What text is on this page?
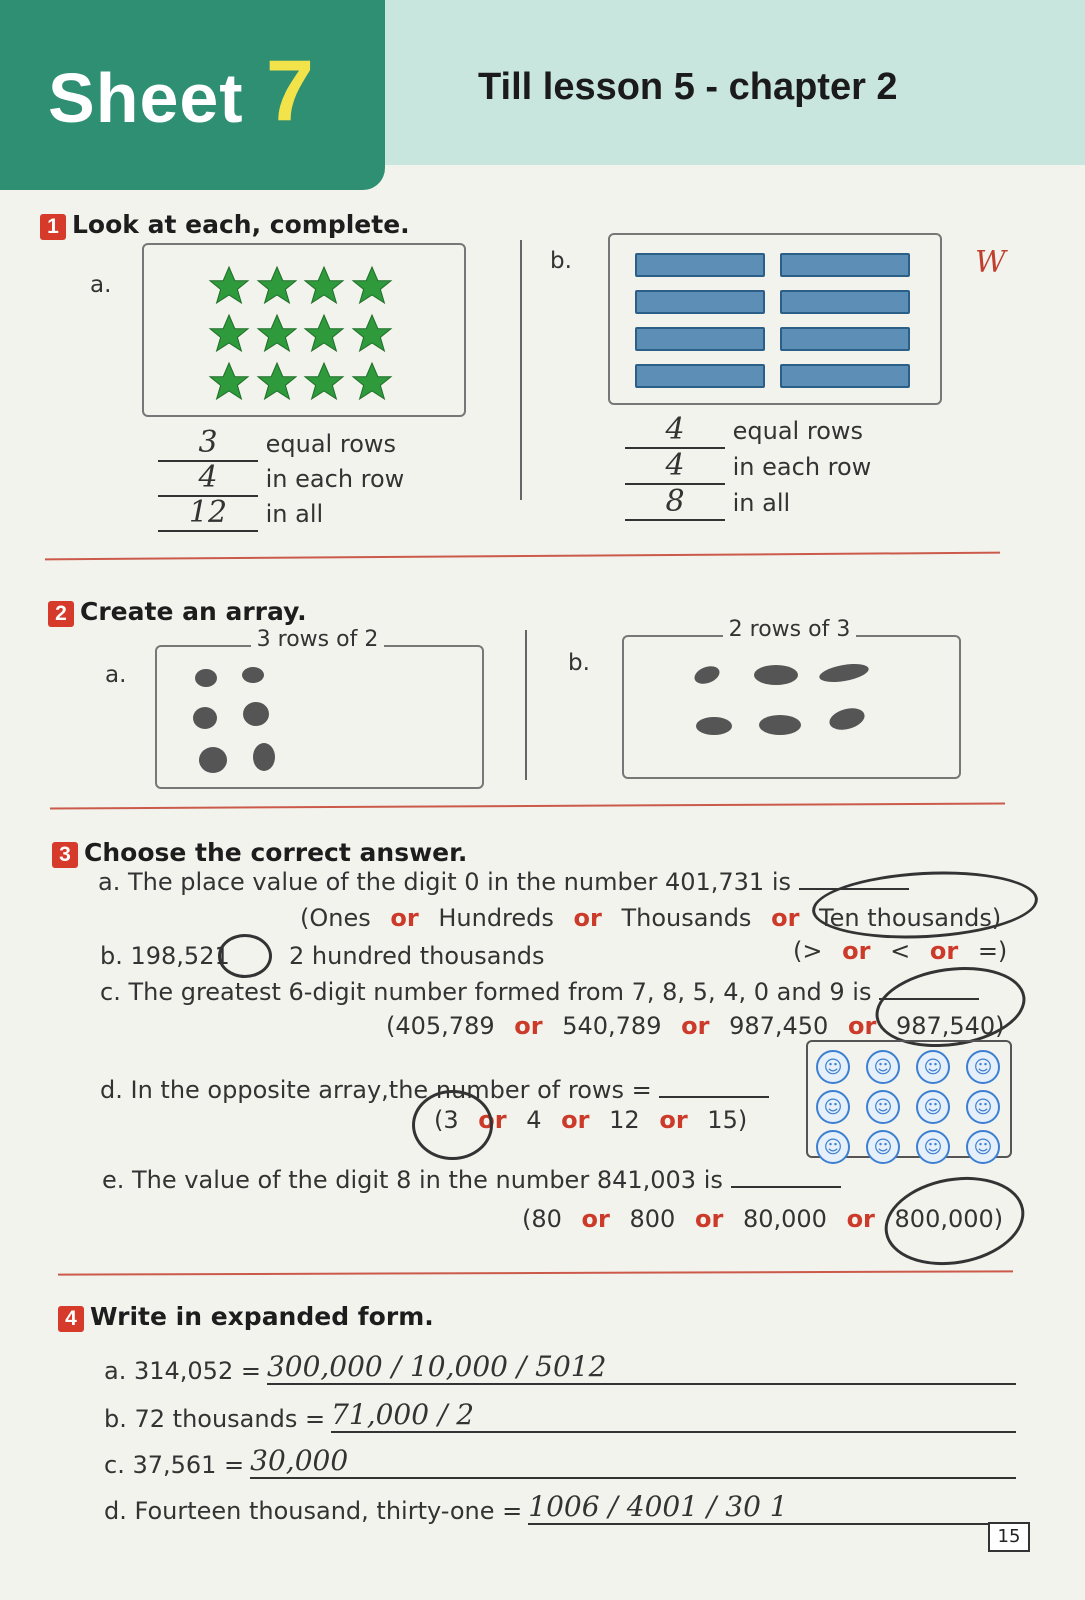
Sheet 7	Till lesson 5 - chapter 2
1 Look at each, complete.
a.
3 equal rows
4 in each row
12 in all
b.	W
4 equal rows
4 in each row
8 in all
2 Create an array.
a.
3 rows of 2
b.
2 rows of 3
3 Choose the correct answer.
a. The place value of the digit 0 in the number 401,731 is
(Ones or Hundreds or Thousands or Ten thousands)
b. 198,521 2 hundred thousands	(> or < or =)
c. The greatest 6-digit number formed from 7, 8, 5, 4, 0 and 9 is
(405,789 or 540,789 or 987,450 or 987,540)
d. In the opposite array,the number of rows =
(3 or 4 or 12 or 15)
☺	☺	☺	☺
☺	☺	☺	☺
☺	☺	☺	☺
e. The value of the digit 8 in the number 841,003 is
(80 or 800 or 80,000 or 800,000)
4 Write in expanded form.
a. 314,052 = 300,000 / 10,000 / 5012
b. 72 thousands = 71,000 / 2
c. 37,561 = 30,000
d. Fourteen thousand, thirty-one = 1006 / 4001 / 30 1
15
